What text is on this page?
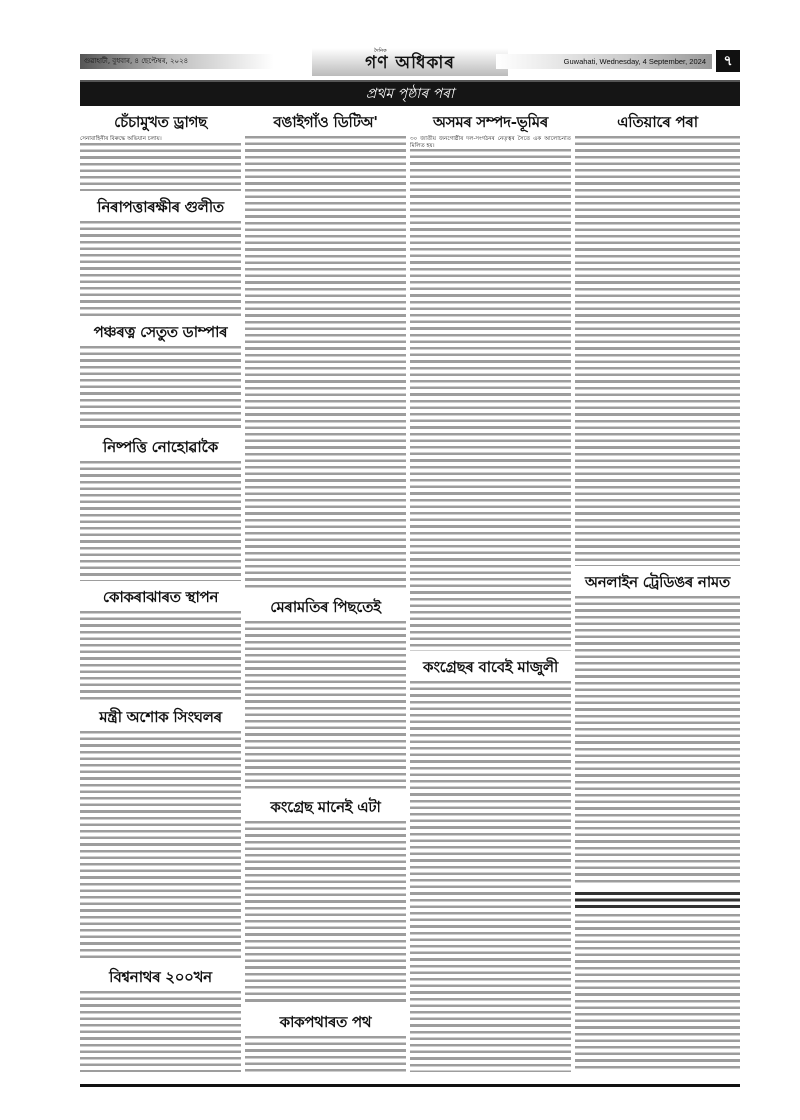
গুৱাহাটী, বুধবাৰ, ৪ ছেপ্টেম্বৰ, ২০২৪
দৈনিক
গণ অধিকাৰ	Guwahati, Wednesday, 4 September, 2024	৭
প্ৰথম পৃষ্ঠাৰ পৰা
চেঁচামুখত ড্ৰাগছ
সেনাবাহিনীৰ বিৰুদ্ধে অভিযান চলায়।
নিৰাপত্তাৰক্ষীৰ গুলীত
পঞ্চৰত্ন সেতুত ডাম্পাৰ
নিষ্পত্তি নোহোৱাকৈ
কোকৰাঝাৰত স্থাপন
মন্ত্ৰী অশোক সিংঘলৰ
বিশ্বনাথৰ ২০০খন
বঙাইগাঁও ডিটিঅ'
মেৰামতিৰ পিছতেই
কংগ্ৰেছ মানেই এটা
কাকপথাৰত পথ
অসমৰ সম্পদ-ভূমিৰ
৩০ জাতীয় জনগোষ্ঠীৰ দল-সংগঠনৰ নেতৃত্বৰ সৈতে এক আলোচনাত মিলিত হয়।
কংগ্ৰেছৰ বাবেই মাজুলী
এতিয়াৰে পৰা
অনলাইন ট্ৰেডিঙৰ নামত
